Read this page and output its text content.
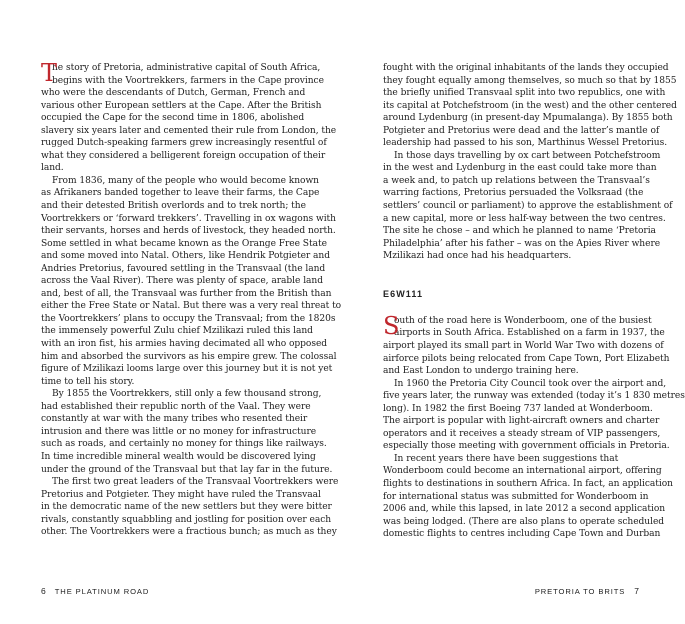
T
he story of Pretoria, administrative capital of South Africa,
begins with the Voortrekkers, farmers in the Cape province
who were the descendants of Dutch, German, French and
various other European settlers at the Cape. After the British
occupied the Cape for the second time in 1806, abolished
slavery six years later and cemented their rule from London, the
rugged Dutch-speaking farmers grew increasingly resentful of
what they considered a belligerent foreign occupation of their
land.
From 1836, many of the people who would become known
as Afrikaners banded together to leave their farms, the Cape
and their detested British overlords and to trek north; the
Voortrekkers or ‘forward trekkers’. Travelling in ox wagons with
their servants, horses and herds of livestock, they headed north.
Some settled in what became known as the Orange Free State
and some moved into Natal. Others, like Hendrik Potgieter and
Andries Pretorius, favoured settling in the Transvaal (the land
across the Vaal River). There was plenty of space, arable land
and, best of all, the Transvaal was further from the British than
either the Free State or Natal. But there was a very real threat to
the Voortrekkers’ plans to occupy the Transvaal; from the 1820s
the immensely powerful Zulu chief Mzilikazi ruled this land
with an iron fist, his armies having decimated all who opposed
him and absorbed the survivors as his empire grew. The colossal
figure of Mzilikazi looms large over this journey but it is not yet
time to tell his story.
By 1855 the Voortrekkers, still only a few thousand strong,
had established their republic north of the Vaal. They were
constantly at war with the many tribes who resented their
intrusion and there was little or no money for infrastructure
such as roads, and certainly no money for things like railways.
In time incredible mineral wealth would be discovered lying
under the ground of the Transvaal but that lay far in the future.
The first two great leaders of the Transvaal Voortrekkers were
Pretorius and Potgieter. They might have ruled the Transvaal
in the democratic name of the new settlers but they were bitter
rivals, constantly squabbling and jostling for position over each
other. The Voortrekkers were a fractious bunch; as much as they
fought with the original inhabitants of the lands they occupied
they fought equally among themselves, so much so that by 1855
the briefly unified Transvaal split into two republics, one with
its capital at Potchefstroom (in the west) and the other centered
around Lydenburg (in present-day Mpumalanga). By 1855 both
Potgieter and Pretorius were dead and the latter’s mantle of
leadership had passed to his son, Marthinus Wessel Pretorius.
In those days travelling by ox cart between Potchefstroom
in the west and Lydenburg in the east could take more than
a week and, to patch up relations between the Transvaal’s
warring factions, Pretorius persuaded the Volksraad (the
settlers’ council or parliament) to approve the establishment of
a new capital, more or less half-way between the two centres.
The site he chose – and which he planned to name ‘Pretoria
Philadelphia’ after his father – was on the Apies River where
Mzilikazi had once had his headquarters.
E6W111
S
outh of the road here is Wonderboom, one of the busiest
airports in South Africa. Established on a farm in 1937, the
airport played its small part in World War Two with dozens of
airforce pilots being relocated from Cape Town, Port Elizabeth
and East London to undergo training here.
In 1960 the Pretoria City Council took over the airport and,
five years later, the runway was extended (today it’s 1 830 metres
long). In 1982 the first Boeing 737 landed at Wonderboom.
The airport is popular with light-aircraft owners and charter
operators and it receives a steady stream of VIP passengers,
especially those meeting with government officials in Pretoria.
In recent years there have been suggestions that
Wonderboom could become an international airport, offering
flights to destinations in southern Africa. In fact, an application
for international status was submitted for Wonderboom in
2006 and, while this lapsed, in late 2012 a second application
was being lodged. (There are also plans to operate scheduled
domestic flights to centres including Cape Town and Durban
6 THE PLATINUM ROAD	PRETORIA TO BRITS 7
